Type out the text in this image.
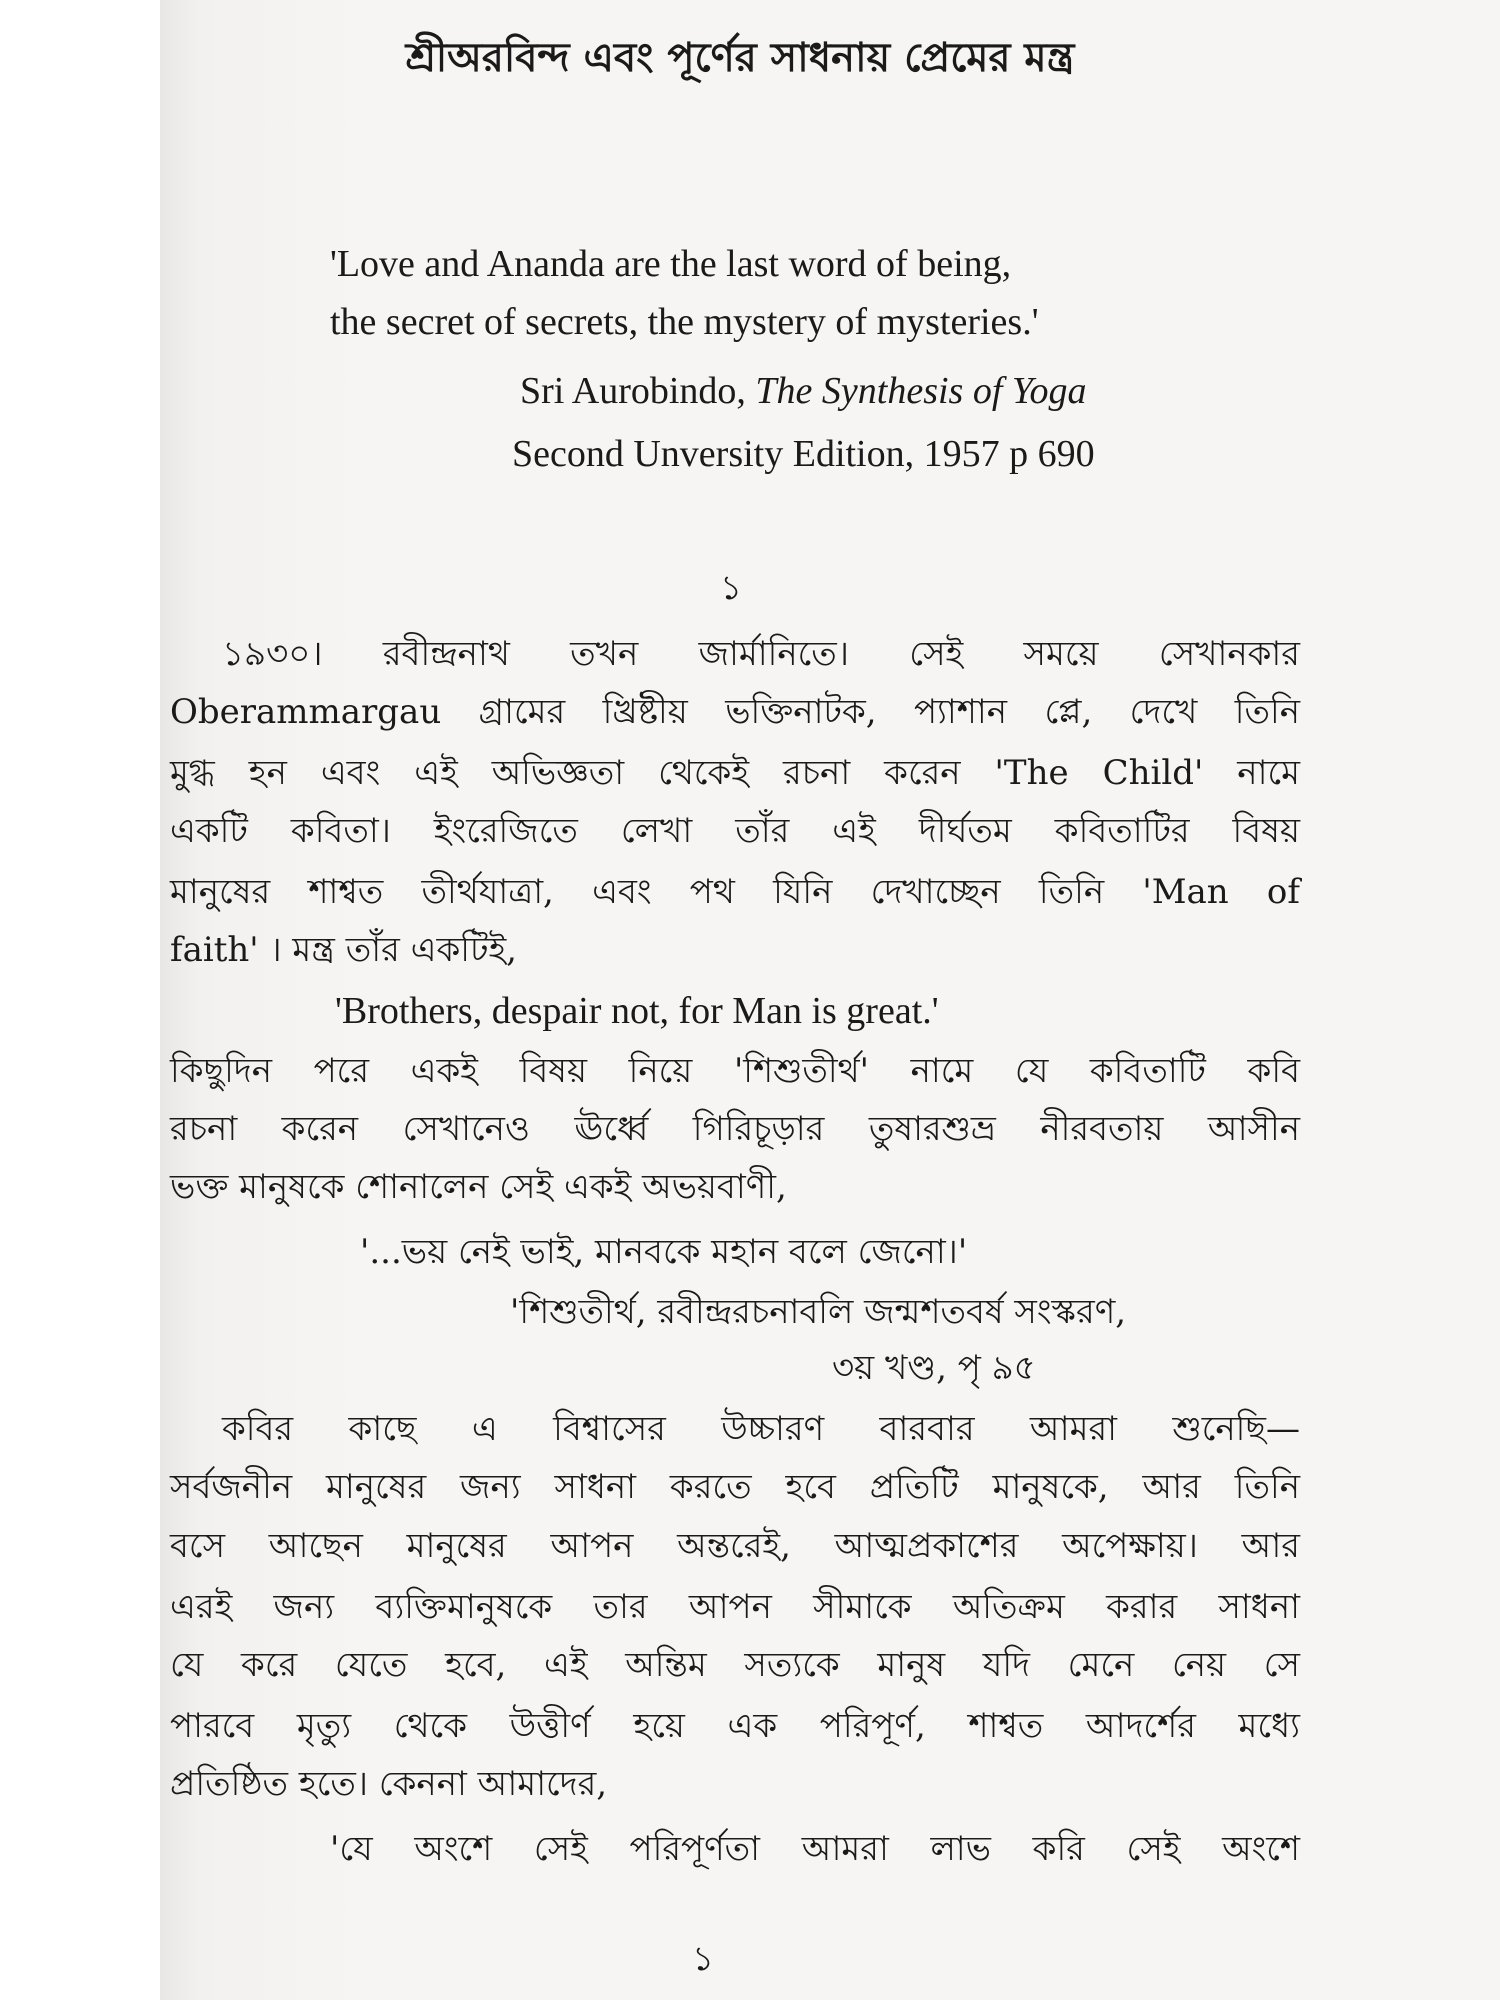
শ্রীঅরবিন্দ এবং পূর্ণের সাধনায় প্রেমের মন্ত্র
'Love and Ananda are the last word of being,
the secret of secrets, the mystery of mysteries.'
Sri Aurobindo, The Synthesis of Yoga
Second Unversity Edition, 1957 p 690
১
১৯৩০। রবীন্দ্রনাথ তখন জার্মানিতে। সেই সময়ে সেখানকার
Oberammargau গ্রামের খ্রিষ্টীয় ভক্তিনাটক, প্যাশান প্লে, দেখে তিনি
মুগ্ধ হন এবং এই অভিজ্ঞতা থেকেই রচনা করেন 'The Child' নামে
একটি কবিতা। ইংরেজিতে লেখা তাঁর এই দীর্ঘতম কবিতাটির বিষয়
মানুষের শাশ্বত তীর্থযাত্রা, এবং পথ যিনি দেখাচ্ছেন তিনি 'Man of
faith' । মন্ত্র তাঁর একটিই,
'Brothers, despair not, for Man is great.'
কিছুদিন পরে একই বিষয় নিয়ে 'শিশুতীর্থ' নামে যে কবিতাটি কবি
রচনা করেন সেখানেও ঊর্ধ্বে গিরিচূড়ার তুষারশুভ্র নীরবতায় আসীন
ভক্ত মানুষকে শোনালেন সেই একই অভয়বাণী,
'...ভয় নেই ভাই, মানবকে মহান বলে জেনো।'
'শিশুতীর্থ, রবীন্দ্ররচনাবলি জন্মশতবর্ষ সংস্করণ,
৩য় খণ্ড, পৃ ৯৫
কবির কাছে এ বিশ্বাসের উচ্চারণ বারবার আমরা শুনেছি—
সর্বজনীন মানুষের জন্য সাধনা করতে হবে প্রতিটি মানুষকে, আর তিনি
বসে আছেন মানুষের আপন অন্তরেই, আত্মপ্রকাশের অপেক্ষায়। আর
এরই জন্য ব্যক্তিমানুষকে তার আপন সীমাকে অতিক্রম করার সাধনা
যে করে যেতে হবে, এই অন্তিম সত্যকে মানুষ যদি মেনে নেয় সে
পারবে মৃত্যু থেকে উত্তীর্ণ হয়ে এক পরিপূর্ণ, শাশ্বত আদর্শের মধ্যে
প্রতিষ্ঠিত হতে। কেননা আমাদের,
'যে অংশে সেই পরিপূর্ণতা আমরা লাভ করি সেই অংশে
১
